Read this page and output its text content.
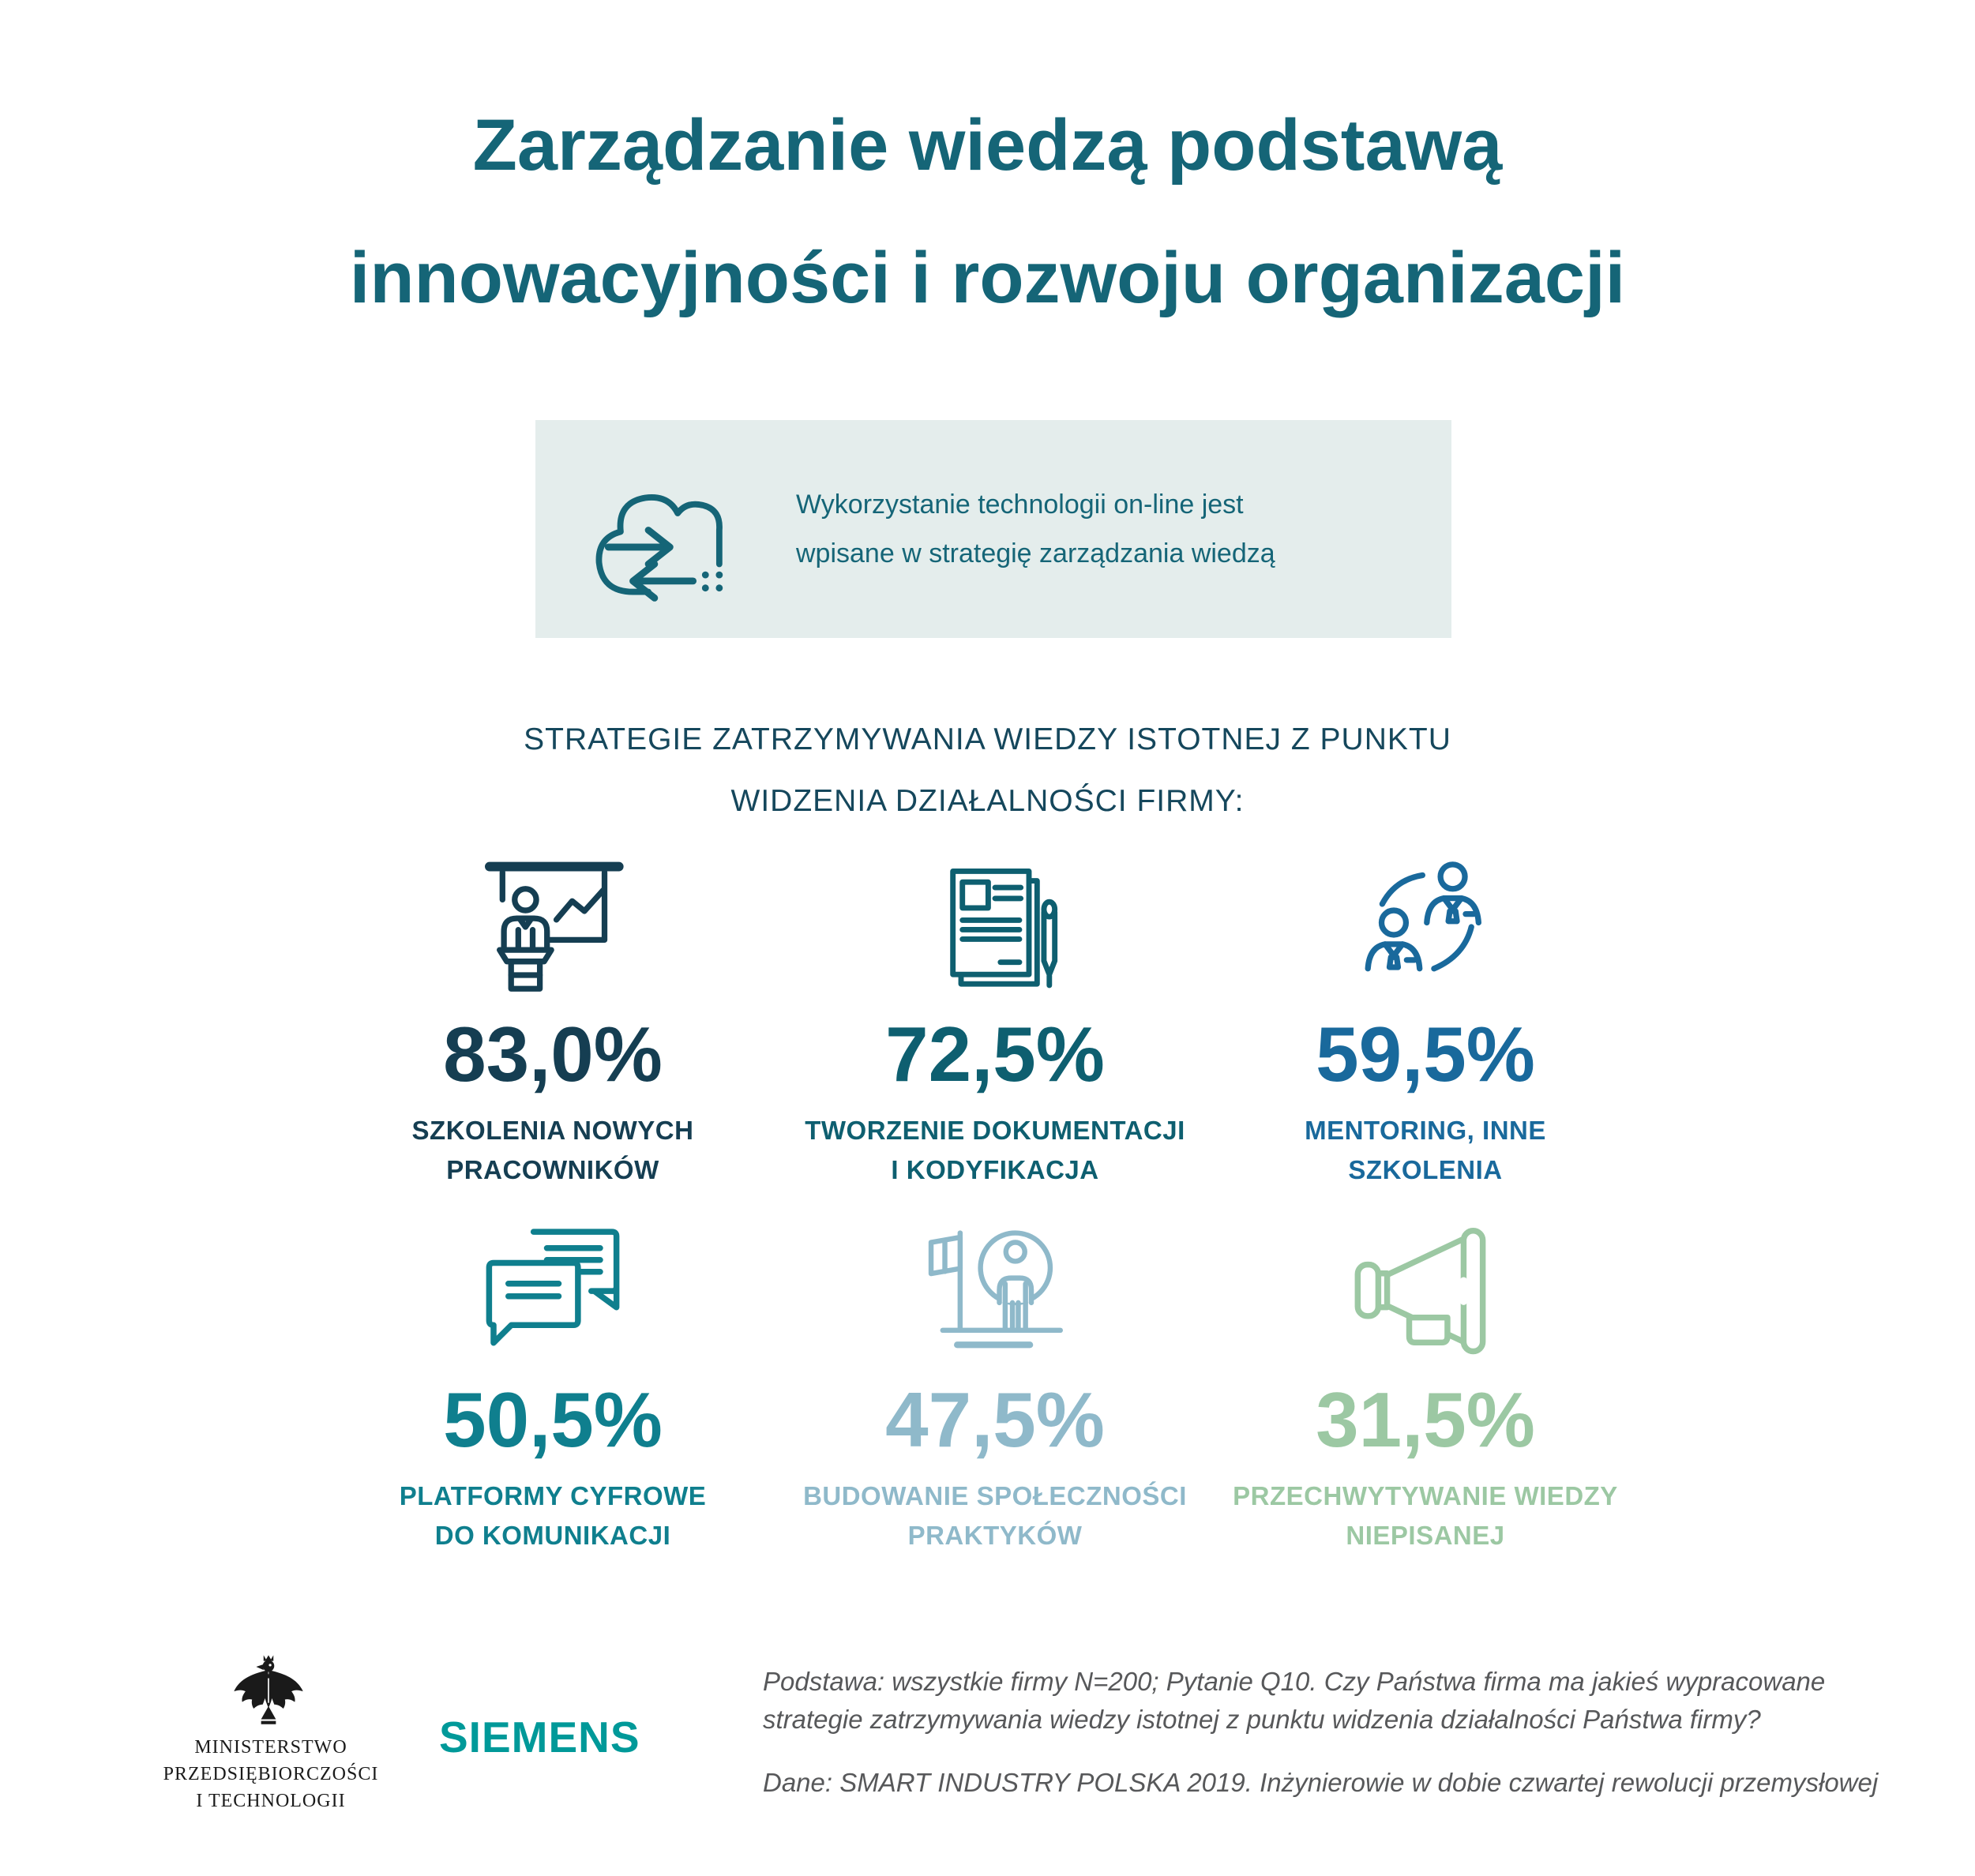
Zarządzanie wiedzą podstawą
innowacyjności i rozwoju organizacji
Wykorzystanie technologii on-line jest
wpisane w strategię zarządzania wiedzą
STRATEGIE ZATRZYMYWANIA WIEDZY ISTOTNEJ Z PUNKTU
WIDZENIA DZIAŁALNOŚCI FIRMY:
83,0%
SZKOLENIA NOWYCH
PRACOWNIKÓW
72,5%
TWORZENIE DOKUMENTACJI
I KODYFIKACJA
59,5%
MENTORING, INNE
SZKOLENIA
50,5%
PLATFORMY CYFROWE
DO KOMUNIKACJI
47,5%
BUDOWANIE SPOŁECZNOŚCI
PRAKTYKÓW
31,5%
PRZECHWYTYWANIE WIEDZY
NIEPISANEJ
MINISTERSTWO
PRZEDSIĘBIORCZOŚCI
I TECHNOLOGII
SIEMENS
Podstawa: wszystkie firmy N=200; Pytanie Q10. Czy Państwa firma ma jakieś wypracowane
strategie zatrzymywania wiedzy istotnej z punktu widzenia działalności Państwa firmy?
Dane: SMART INDUSTRY POLSKA 2019. Inżynierowie w dobie czwartej rewolucji przemysłowej
